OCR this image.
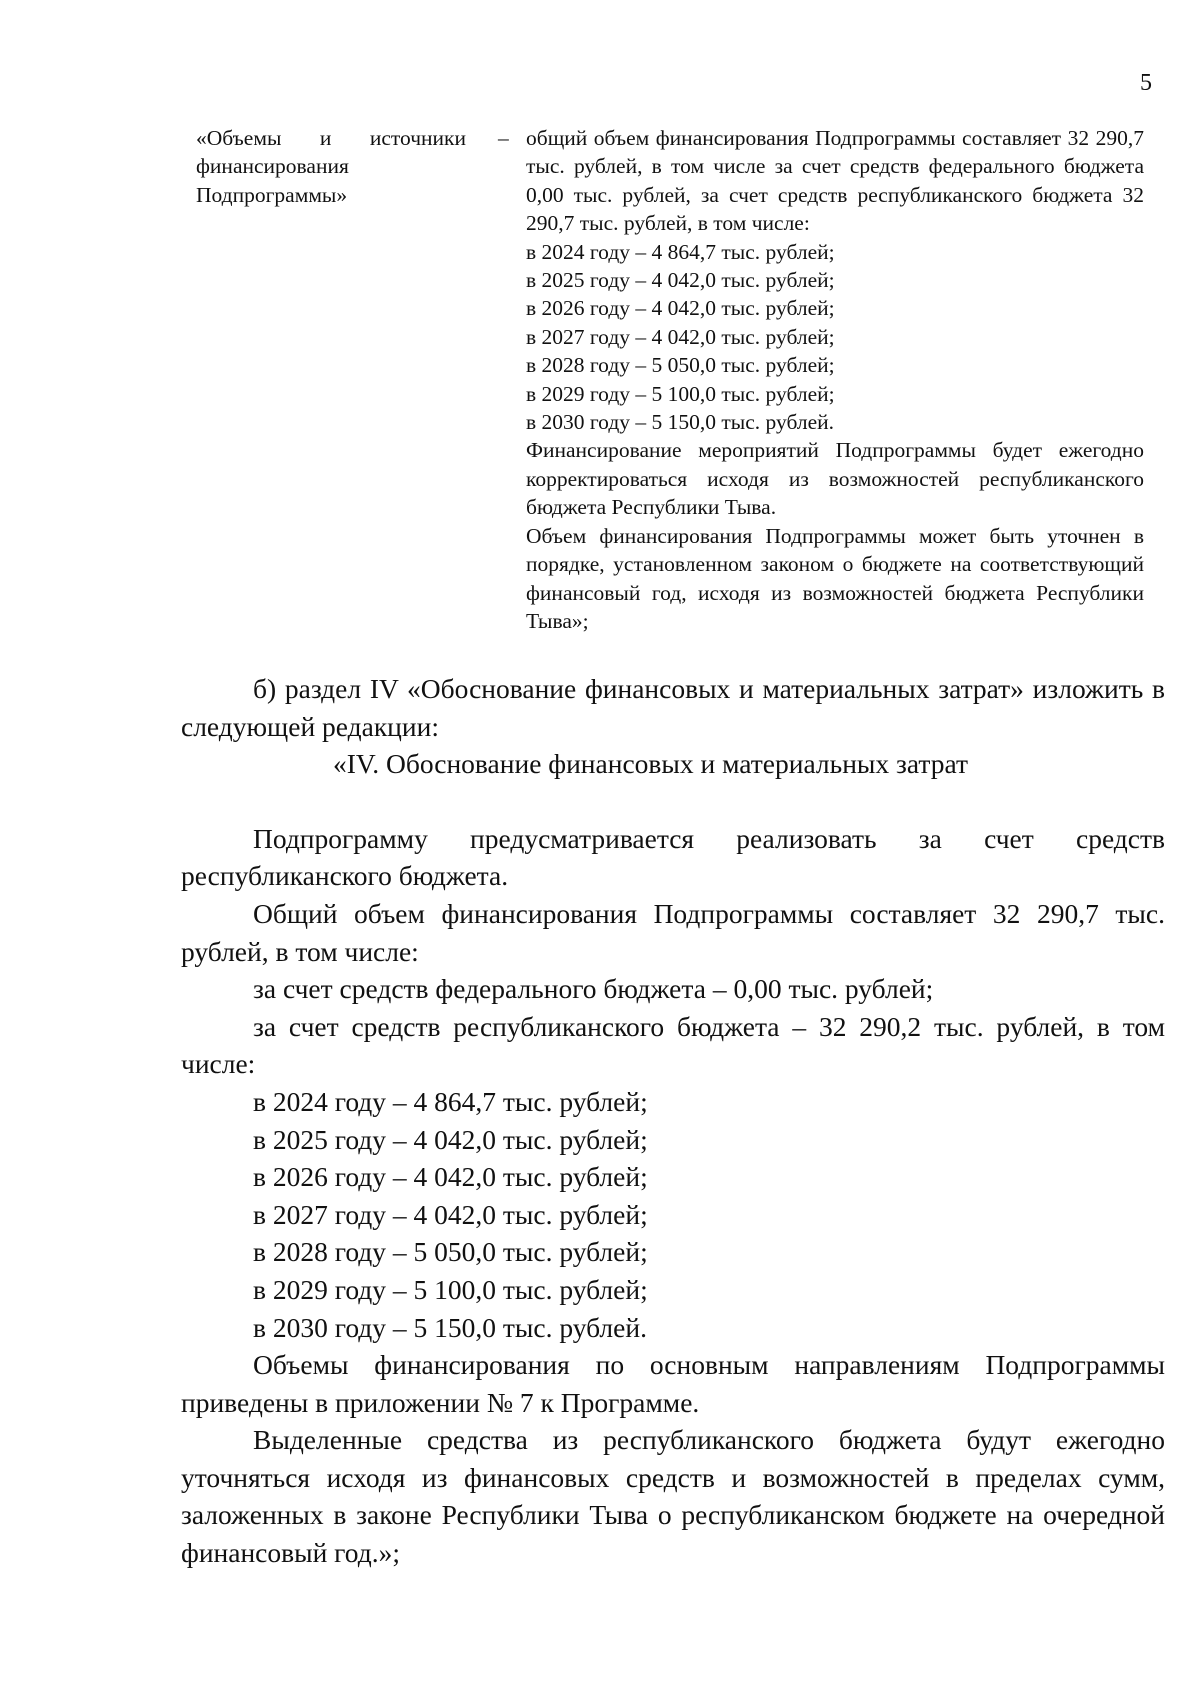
5
«Объемы и источники финансирования Подпрограммы»
– общий объем финансирования Подпрограммы составляет 32 290,7 тыс. рублей, в том числе за счет средств федерального бюджета 0,00 тыс. рублей, за счет средств республиканского бюджета 32 290,7 тыс. рублей, в том числе:

в 2024 году – 4 864,7 тыс. рублей;

в 2025 году – 4 042,0 тыс. рублей;

в 2026 году – 4 042,0 тыс. рублей;

в 2027 году – 4 042,0 тыс. рублей;

в 2028 году – 5 050,0 тыс. рублей;

в 2029 году – 5 100,0 тыс. рублей;

в 2030 году – 5 150,0 тыс. рублей.

Финансирование мероприятий Подпрограммы будет ежегодно корректироваться исходя из возможностей республиканского бюджета Республики Тыва.

Объем финансирования Подпрограммы может быть уточнен в порядке, установленном законом о бюджете на соответствующий финансовый год, исходя из возможностей бюджета Республики Тыва»;

б) раздел IV «Обоснование финансовых и материальных затрат» изложить в следующей редакции:

«IV. Обоснование финансовых и материальных затрат

Подпрограмму предусматривается реализовать за счет средств республиканского бюджета.

Общий объем финансирования Подпрограммы составляет 32 290,7 тыс. рублей, в том числе:

за счет средств федерального бюджета – 0,00 тыс. рублей;

за счет средств республиканского бюджета – 32 290,2 тыс. рублей, в том числе:

в 2024 году – 4 864,7 тыс. рублей;

в 2025 году – 4 042,0 тыс. рублей;

в 2026 году – 4 042,0 тыс. рублей;

в 2027 году – 4 042,0 тыс. рублей;

в 2028 году – 5 050,0 тыс. рублей;

в 2029 году – 5 100,0 тыс. рублей;

в 2030 году – 5 150,0 тыс. рублей.

Объемы финансирования по основным направлениям Подпрограммы приведены в приложении № 7 к Программе.

Выделенные средства из республиканского бюджета будут ежегодно уточняться исходя из финансовых средств и возможностей в пределах сумм, заложенных в законе Республики Тыва о республиканском бюджете на очередной финансовый год.»;
